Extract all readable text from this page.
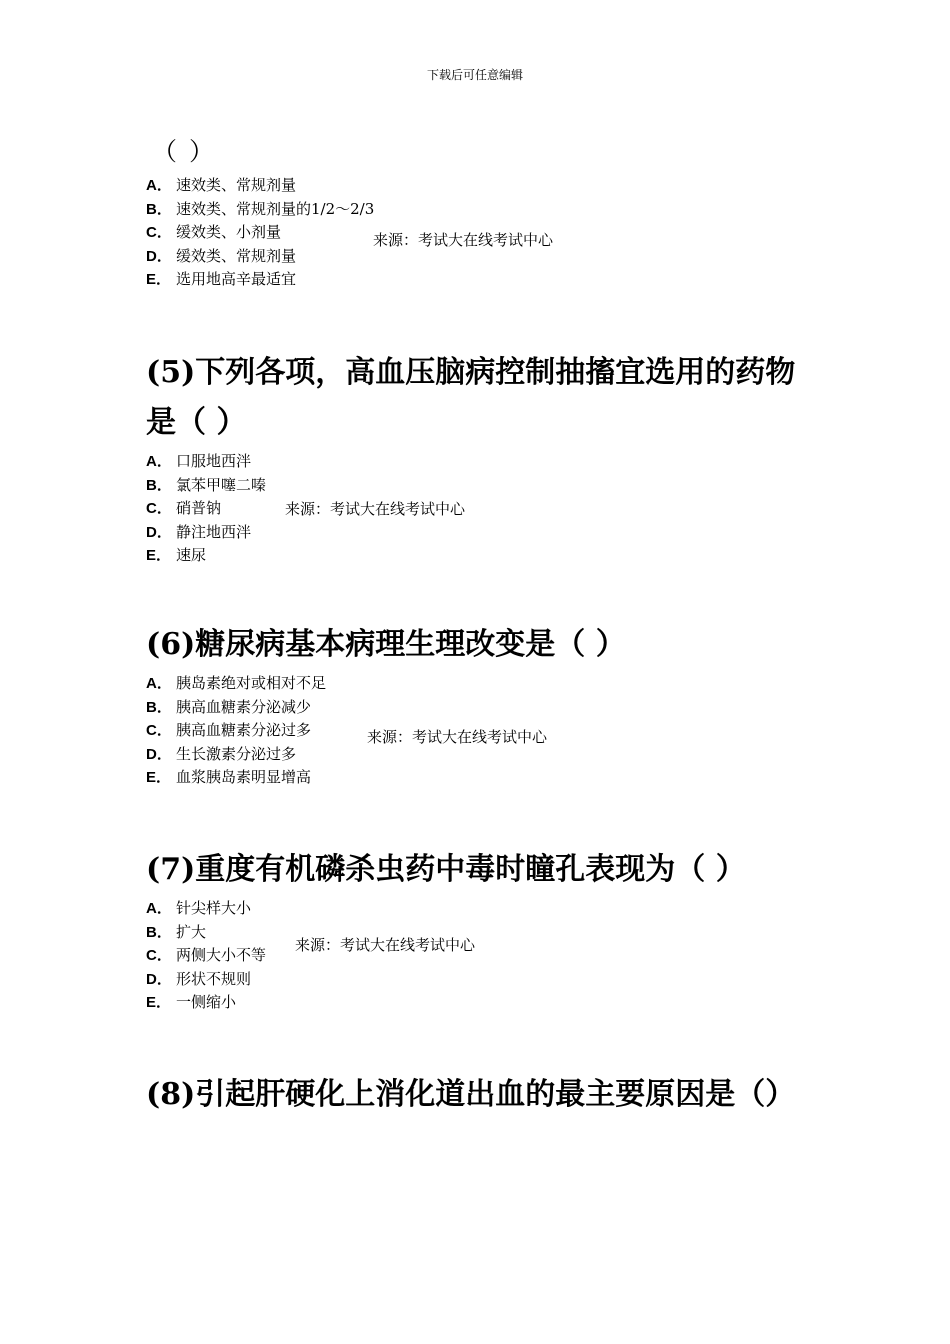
下载后可任意编辑
（ ）
A． 速效类、常规剂量
B． 速效类、常规剂量的1/2～2/3
C． 缓效类、小剂量
D． 缓效类、常规剂量
E． 选用地高辛最适宜
来源：考试大在线考试中心

(5)下列各项，高血压脑病控制抽搐宜选用的药物是（ ）

A． 口服地西泮
B． 氯苯甲噻二嗪
C． 硝普钠
D． 静注地西泮
E． 速尿
来源：考试大在线考试中心

(6)糖尿病基本病理生理改变是（ ）

A． 胰岛素绝对或相对不足
B． 胰高血糖素分泌减少
C． 胰高血糖素分泌过多
D． 生长激素分泌过多
E． 血浆胰岛素明显增高
来源：考试大在线考试中心

(7)重度有机磷杀虫药中毒时瞳孔表现为（ ）

A． 针尖样大小
B． 扩大
C． 两侧大小不等
D． 形状不规则
E． 一侧缩小
来源：考试大在线考试中心

(8)引起肝硬化上消化道出血的最主要原因是（）
